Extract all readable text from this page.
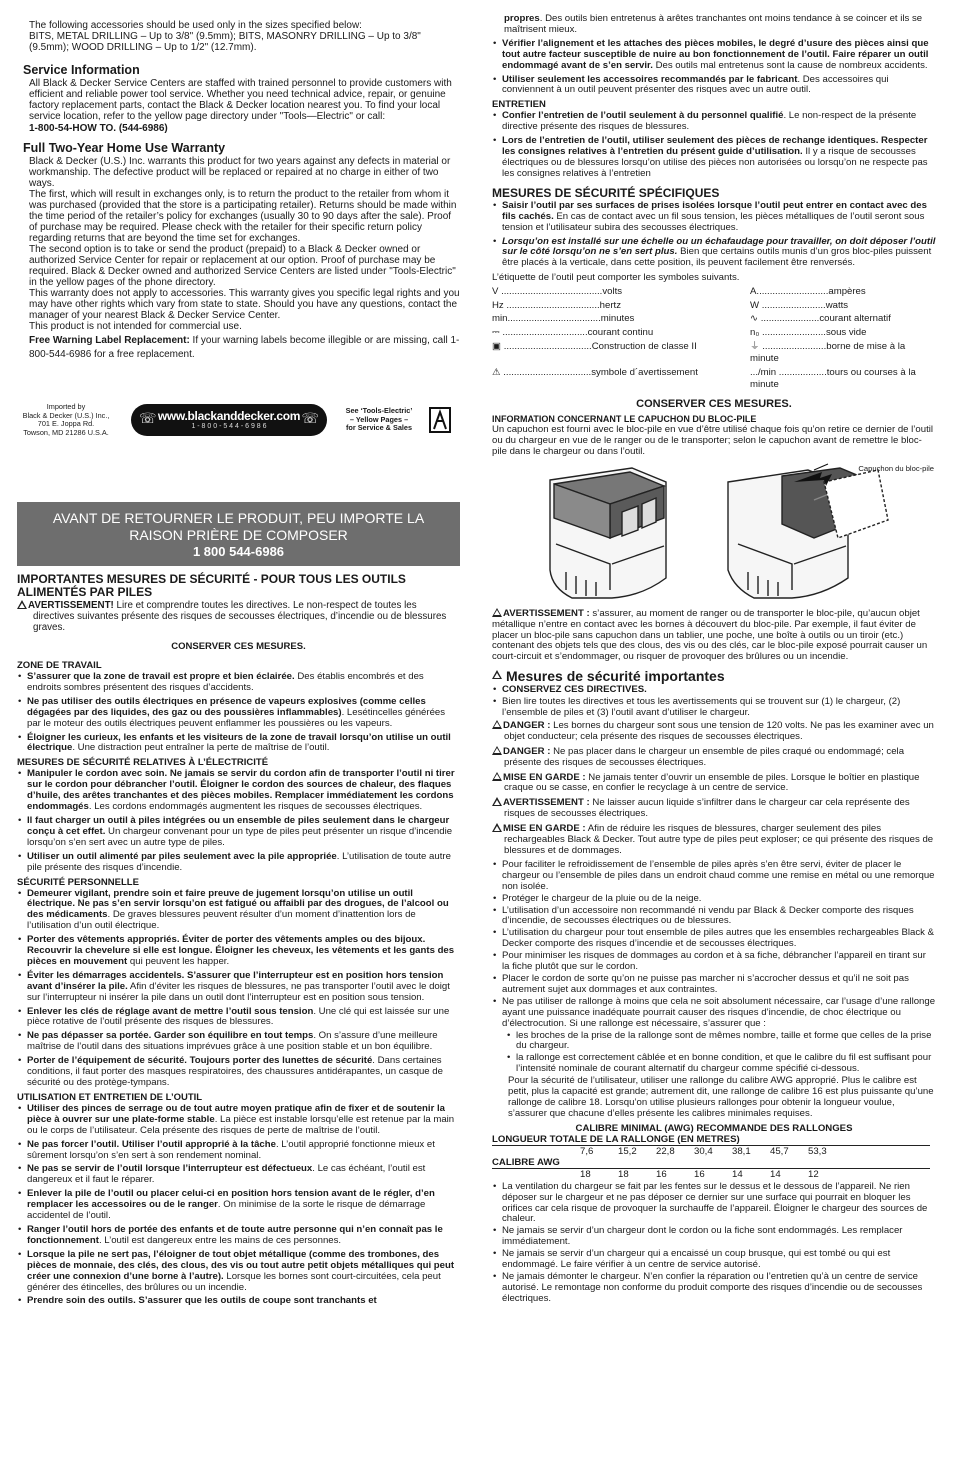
The following accessories should be used only in the sizes specified below:
BITS, METAL DRILLING – Up to 3/8" (9.5mm); BITS, MASONRY DRILLING – Up to 3/8" (9.5mm); WOOD DRILLING – Up to 1/2" (12.7mm).

Service Information

All Black & Decker Service Centers are staffed with trained personnel to provide customers with efficient and reliable power tool service. Whether you need technical advice, repair, or genuine factory replacement parts, contact the Black & Decker location nearest you. To find your local service location, refer to the yellow page directory under "Tools—Electric" or call:

1-800-54-HOW TO. (544-6986)

Full Two-Year Home Use Warranty

Black & Decker (U.S.) Inc. warrants this product for two years against any defects in material or workmanship. The defective product will be replaced or repaired at no charge in either of two ways.

The first, which will result in exchanges only, is to return the product to the retailer from whom it was purchased (provided that the store is a participating retailer). Returns should be made within the time period of the retailer’s policy for exchanges (usually 30 to 90 days after the sale). Proof of purchase may be required. Please check with the retailer for their specific return policy regarding returns that are beyond the time set for exchanges.

The second option is to take or send the product (prepaid) to a Black & Decker owned or authorized Service Center for repair or replacement at our option. Proof of purchase may be required. Black & Decker owned and authorized Service Centers are listed under "Tools-Electric" in the yellow pages of the phone directory.

This warranty does not apply to accessories. This warranty gives you specific legal rights and you may have other rights which vary from state to state. Should you have any questions, contact the manager of your nearest Black & Decker Service Center.

This product is not intended for commercial use.

Free Warning Label Replacement: If your warning labels become illegible or are missing, call 1-800-544-6986 for a free replacement.

Imported by
Black & Decker (U.S.) Inc.,
701 E. Joppa Rd.
Towson, MD 21286 U.S.A.
www.blackanddecker.com
1 - 8 0 0 - 5 4 4 - 6 9 8 6
☏	☏	See ‘Tools-Electric’
– Yellow Pages –
for Service & Sales
AVANT DE RETOURNER LE PRODUIT, PEU IMPORTE LA
RAISON PRIÈRE DE COMPOSER
1 800 544-6986
IMPORTANTES MESURES DE SÉCURITÉ - POUR TOUS LES OUTILS ALIMENTÉS PAR PILES

AVERTISSEMENT! Lire et comprendre toutes les directives. Le non-respect de toutes les directives suivantes présente des risques de secousses électriques, d’incendie ou de blessures graves.

CONSERVER CES MESURES.

ZONE DE TRAVAIL
• S’assurer que la zone de travail est propre et bien éclairée. Des établis encombrés et des endroits sombres présentent des risques d’accidents.
• Ne pas utiliser des outils électriques en présence de vapeurs explosives (comme celles dégagées par des liquides, des gaz ou des poussières inflammables). Lesétincelles générées par le moteur des outils électriques peuvent enflammer les poussières ou les vapeurs.
• Éloigner les curieux, les enfants et les visiteurs de la zone de travail lorsqu’on utilise un outil électrique. Une distraction peut entraîner la perte de maîtrise de l’outil.
MESURES DE SÉCURITÉ RELATIVES À L’ÉLECTRICITÉ
• Manipuler le cordon avec soin. Ne jamais se servir du cordon afin de transporter l’outil ni tirer sur le cordon pour débrancher l’outil. Éloigner le cordon des sources de chaleur, des flaques d’huile, des arêtes tranchantes et des pièces mobiles. Remplacer immédiatement les cordons endommagés. Les cordons endommagés augmentent les risques de secousses électriques.
• Il faut charger un outil à piles intégrées ou un ensemble de piles seulement dans le chargeur conçu à cet effet. Un chargeur convenant pour un type de piles peut présenter un risque d’incendie lorsqu’on s’en sert avec un autre type de piles.
• Utiliser un outil alimenté par piles seulement avec la pile appropriée. L’utilisation de toute autre pile présente des risques d’incendie.
SÉCURITÉ PERSONNELLE
• Demeurer vigilant, prendre soin et faire preuve de jugement lorsqu’on utilise un outil électrique. Ne pas s’en servir lorsqu’on est fatigué ou affaibli par des drogues, de l’alcool ou des médicaments. De graves blessures peuvent résulter d’un moment d’inattention lors de l’utilisation d’un outil électrique.
• Porter des vêtements appropriés. Éviter de porter des vêtements amples ou des bijoux. Recouvrir la chevelure si elle est longue. Éloigner les cheveux, les vêtements et les gants des pièces en mouvement qui peuvent les happer.
• Éviter les démarrages accidentels. S’assurer que l’interrupteur est en position hors tension avant d’insérer la pile. Afin d’éviter les risques de blessures, ne pas transporter l’outil avec le doigt sur l’interrupteur ni insérer la pile dans un outil dont l’interrupteur est en position sous tension.
• Enlever les clés de réglage avant de mettre l’outil sous tension. Une clé qui est laissée sur une pièce rotative de l’outil présente des risques de blessures.
• Ne pas dépasser sa portée. Garder son équilibre en tout temps. On s’assure d’une meilleure maîtrise de l’outil dans des situations imprévues grâce à une position stable et un bon équilibre.
• Porter de l’équipement de sécurité. Toujours porter des lunettes de sécurité. Dans certaines conditions, il faut porter des masques respiratoires, des chaussures antidérapantes, un casque de sécurité ou des protège-tympans.
UTILISATION ET ENTRETIEN DE L’OUTIL
• Utiliser des pinces de serrage ou de tout autre moyen pratique afin de fixer et de soutenir la pièce à ouvrer sur une plate-forme stable. La pièce est instable lorsqu’elle est retenue par la main ou le corps de l’utilisateur. Cela présente des risques de perte de maîtrise de l’outil.
• Ne pas forcer l’outil. Utiliser l’outil approprié à la tâche. L’outil approprié fonctionne mieux et sûrement lorsqu’on s’en sert à son rendement nominal.
• Ne pas se servir de l’outil lorsque l’interrupteur est défectueux. Le cas échéant, l’outil est dangereux et il faut le réparer.
• Enlever la pile de l’outil ou placer celui-ci en position hors tension avant de le régler, d’en remplacer les accessoires ou de le ranger. On minimise de la sorte le risque de démarrage accidentel de l’outil.
• Ranger l’outil hors de portée des enfants et de toute autre personne qui n’en connaît pas le fonctionnement. L’outil est dangereux entre les mains de ces personnes.
• Lorsque la pile ne sert pas, l’éloigner de tout objet métallique (comme des trombones, des pièces de monnaie, des clés, des clous, des vis ou tout autre petit objets métalliques qui peut créer une connexion d’une borne à l’autre). Lorsque les bornes sont court-circuitées, cela peut générer des étincelles, des brûlures ou un incendie.
• Prendre soin des outils. S’assurer que les outils de coupe sont tranchants et

propres. Des outils bien entretenus à arêtes tranchantes ont moins tendance à se coincer et ils se maîtrisent mieux.

• Vérifier l’alignement et les attaches des pièces mobiles, le degré d’usure des pièces ainsi que tout autre facteur susceptible de nuire au bon fonctionnement de l’outil. Faire réparer un outil endommagé avant de s’en servir. Des outils mal entretenus sont la cause de nombreux accidents.
• Utiliser seulement les accessoires recommandés par le fabricant. Des accessoires qui conviennent à un outil peuvent présenter des risques avec un autre outil.
ENTRETIEN
• Confier l’entretien de l’outil seulement à du personnel qualifié. Le non-respect de la présente directive présente des risques de blessures.
• Lors de l’entretien de l’outil, utiliser seulement des pièces de rechange identiques. Respecter les consignes relatives à l’entretien du présent guide d’utilisation. Il y a risque de secousses électriques ou de blessures lorsqu’on utilise des pièces non autorisées ou lorsqu’on ne respecte pas les consignes relatives à l’entretien
MESURES DE SÉCURITÉ SPÉCIFIQUES
• Saisir l’outil par ses surfaces de prises isolées lorsque l’outil peut entrer en contact avec des fils cachés. En cas de contact avec un fil sous tension, les pièces métalliques de l’outil seront sous tension et l’utilisateur subira des secousses électriques.
• Lorsqu’on est installé sur une échelle ou un échafaudage pour travailler, on doit déposer l’outil sur le côté lorsqu’on ne s’en sert plus. Bien que certains outils munis d’un gros bloc-piles puissent être placés à la verticale, dans cette position, ils peuvent facilement être renversés.

L’étiquette de l’outil peut comporter les symboles suivants.

V ......................................volts	A...........................ampères
Hz ...................................hertz	W ........................watts
min...................................minutes	∿ ......................courant alternatif
⎓ ................................courant continu	n₀ ........................sous vide
▣ .................................Construction de classe II	⏚ ........................borne de mise à la minute
⚠ .................................symbole d´avertissement	.../min ..................tours ou courses à la minute

CONSERVER CES MESURES.

INFORMATION CONCERNANT LE CAPUCHON DU BLOC-PILE

Un capuchon est fourni avec le bloc-pile en vue d’être utilisé chaque fois qu’on retire ce dernier de l’outil ou du chargeur en vue de le ranger ou de le transporter; selon le capuchon avant de remettre le bloc-pile dans le chargeur ou dans l’outil.

Capuchon du bloc-pile

AVERTISSEMENT : s’assurer, au moment de ranger ou de transporter le bloc-pile, qu’aucun objet métallique n’entre en contact avec les bornes à découvert du bloc-pile. Par exemple, il faut éviter de placer un bloc-pile sans capuchon dans un tablier, une poche, une boîte à outils ou un tiroir (etc.) contenant des objets tels que des clous, des vis ou des clés, car le bloc-pile exposé pourrait causer un court-circuit et s’endommager, ou risquer de provoquer des brûlures ou un incendie.

Mesures de sécurité importantes
• CONSERVEZ CES DIRECTIVES.
• Bien lire toutes les directives et tous les avertissements qui se trouvent sur (1) le chargeur, (2) l’ensemble de piles et (3) l’outil avant d’utiliser le chargeur.

DANGER : Les bornes du chargeur sont sous une tension de 120 volts. Ne pas les examiner avec un objet conducteur; cela présente des risques de secousses électriques.

DANGER : Ne pas placer dans le chargeur un ensemble de piles craqué ou endommagé; cela présente des risques de secousses électriques.

MISE EN GARDE : Ne jamais tenter d’ouvrir un ensemble de piles. Lorsque le boîtier en plastique craque ou se casse, en confier le recyclage à un centre de service.

AVERTISSEMENT : Ne laisser aucun liquide s’infiltrer dans le chargeur car cela représente des risques de secousses électriques.

MISE EN GARDE : Afin de réduire les risques de blessures, charger seulement des piles rechargeables Black & Decker. Tout autre type de piles peut exploser; ce qui présente des risques de blessures et de dommages.

• Pour faciliter le refroidissement de l’ensemble de piles après s’en être servi, éviter de placer le chargeur ou l’ensemble de piles dans un endroit chaud comme une remise en métal ou une remorque non isolée.
• Protéger le chargeur de la pluie ou de la neige.
• L’utilisation d’un accessoire non recommandé ni vendu par Black & Decker comporte des risques d’incendie, de secousses électriques ou de blessures.
• L’utilisation du chargeur pour tout ensemble de piles autres que les ensembles rechargeables Black & Decker comporte des risques d’incendie et de secousses électriques.
• Pour minimiser les risques de dommages au cordon et à sa fiche, débrancher l’appareil en tirant sur la fiche plutôt que sur le cordon.
• Placer le cordon de sorte qu’on ne puisse pas marcher ni s’accrocher dessus et qu’il ne soit pas autrement sujet aux dommages et aux contraintes.
• Ne pas utiliser de rallonge à moins que cela ne soit absolument nécessaire, car l’usage d’une rallonge ayant une puissance inadéquate pourrait causer des risques d’incendie, de choc électrique ou d’électrocution. Si une rallonge est nécessaire, s’assurer que :
• les broches de la prise de la rallonge sont de mêmes nombre, taille et forme que celles de la prise du chargeur.
• la rallonge est correctement câblée et en bonne condition, et que le calibre du fil est suffisant pour l’intensité nominale de courant alternatif du chargeur comme spécifié ci-dessous.

Pour la sécurité de l’utilisateur, utiliser une rallonge du calibre AWG approprié. Plus le calibre est petit, plus la capacité est grande; autrement dit, une rallonge de calibre 16 est plus puissante qu’une rallonge de calibre 18. Lorsqu’on utilise plusieurs rallonges pour obtenir la longueur voulue, s’assurer que chacune d’elles présente les calibres minimales requises.

CALIBRE MINIMAL (AWG) RECOMMANDE DES RALLONGES
LONGUEUR TOTALE DE LA RALLONGE (EN METRES)
7,6	15,2	22,8	30,4	38,1	45,7	53,3
CALIBRE AWG
18	18	16	16	14	14	12
• La ventilation du chargeur se fait par les fentes sur le dessus et le dessous de l’appareil. Ne rien déposer sur le chargeur et ne pas déposer ce dernier sur une surface qui pourrait en bloquer les orifices car cela risque de provoquer la surchauffe de l’appareil. Éloigner le chargeur des sources de chaleur.
• Ne jamais se servir d’un chargeur dont le cordon ou la fiche sont endommagés. Les remplacer immédiatement.
• Ne jamais se servir d’un chargeur qui a encaissé un coup brusque, qui est tombé ou qui est endommagé. Le faire vérifier à un centre de service autorisé.
• Ne jamais démonter le chargeur. N’en confier la réparation ou l’entretien qu’à un centre de service autorisé. Le remontage non conforme du produit comporte des risques d’incendie ou de secousses électriques.
